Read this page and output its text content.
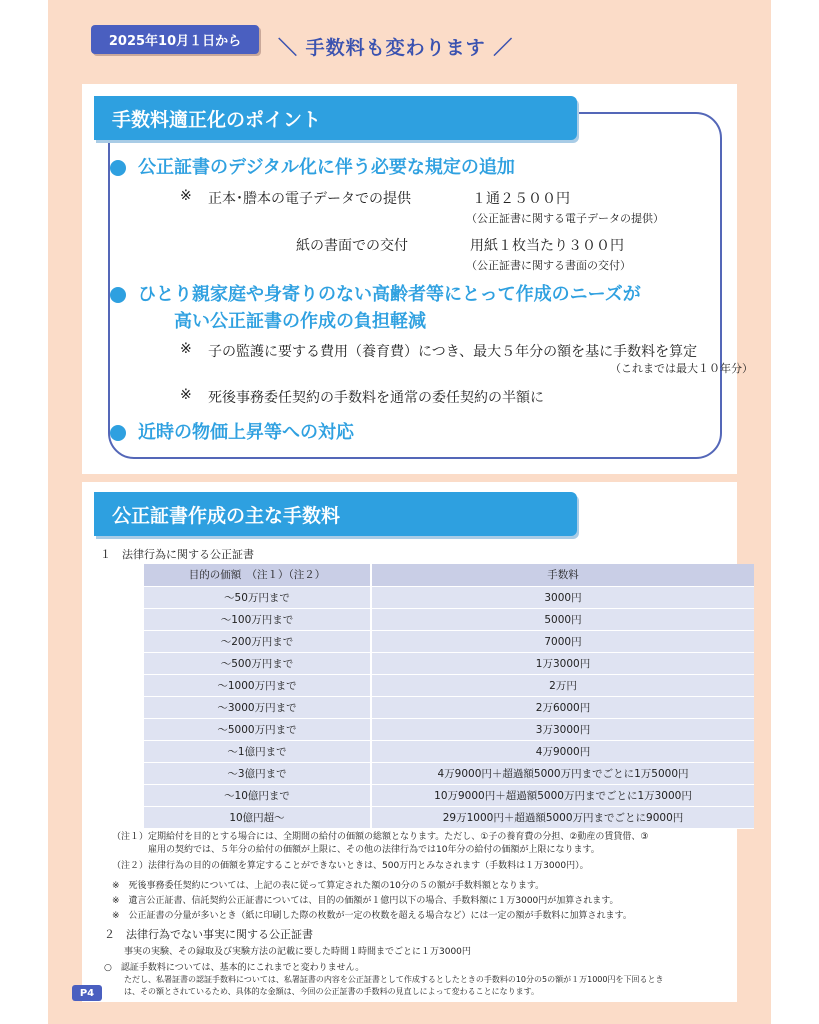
2025年10月１日から	＼ 手数料も変わります ／
手数料適正化のポイント
公正証書のデジタル化に伴う必要な規定の追加
※ 正本･謄本の電子データでの提供	１通２５００円
（公正証書に関する電子データの提供）
紙の書面での交付	用紙１枚当たり３００円
（公正証書に関する書面の交付）
ひとり親家庭や身寄りのない高齢者等にとって作成のニーズが
高い公正証書の作成の負担軽減
※ 子の監護に要する費用（養育費）につき、最大５年分の額を基に手数料を算定
（これまでは最大１０年分）
※ 死後事務委任契約の手数料を通常の委任契約の半額に
近時の物価上昇等への対応
公正証書作成の主な手数料
１　法律行為に関する公正証書
目的の価額　（注１）（注２）	手数料
～50万円まで	3000円
～100万円まで	5000円
～200万円まで	7000円
～500万円まで	1万3000円
～1000万円まで	2万円
～3000万円まで	2万6000円
～5000万円まで	3万3000円
～1億円まで	4万9000円
～3億円まで	4万9000円＋超過額5000万円までごとに1万5000円
～10億円まで	10万9000円＋超過額5000万円までごとに1万3000円
10億円超～	29万1000円＋超過額5000万円までごとに9000円
（注１）定期給付を目的とする場合には、全期間の給付の価額の総額となります。ただし、①子の養育費の分担、②動産の賃貸借、③
雇用の契約では、５年分の給付の価額が上限に、その他の法律行為では10年分の給付の価額が上限になります。
（注２）法律行為の目的の価額を算定することができないときは、500万円とみなされます（手数料は１万3000円）。
※　死後事務委任契約については、上記の表に従って算定された額の10分の５の額が手数料額となります。
※　遺言公正証書、信託契約公正証書については、目的の価額が１億円以下の場合、手数料額に１万3000円が加算されます。
※　公正証書の分量が多いとき（紙に印刷した際の枚数が一定の枚数を超える場合など）には一定の額が手数料に加算されます。
２　法律行為でない事実に関する公正証書
事実の実験、その録取及び実験方法の記載に要した時間１時間までごとに１万3000円
○　認証手数料については、基本的にこれまでと変わりません。
ただし、私署証書の認証手数料については、私署証書の内容を公正証書として作成するとしたときの手数料の10分の5の額が１万1000円を下回るとき
は、その額とされているため、具体的な金額は、今回の公正証書の手数料の見直しによって変わることになります。
P4
